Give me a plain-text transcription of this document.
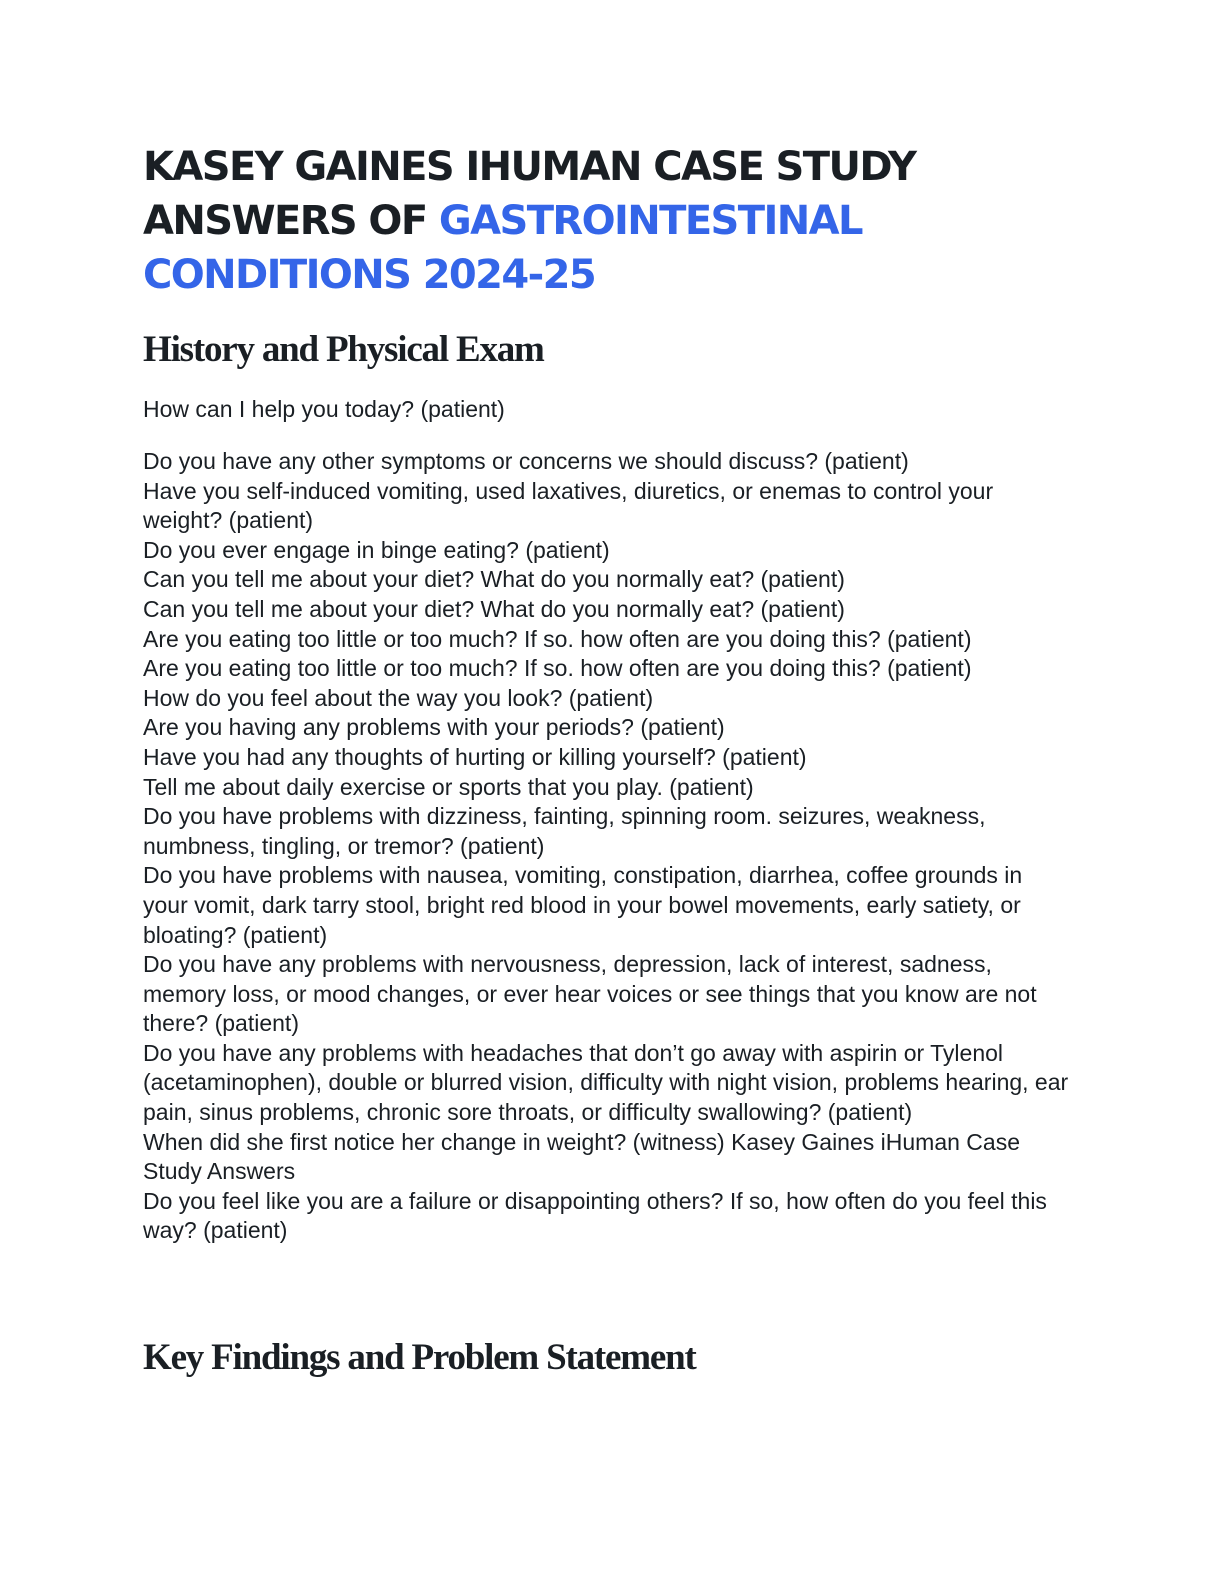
KASEY GAINES IHUMAN CASE STUDY ANSWERS OF GASTROINTESTINAL CONDITIONS 2024-25
History and Physical Exam

How can I help you today? (patient)

Do you have any other symptoms or concerns we should discuss? (patient)
Have you self-induced vomiting, used laxatives, diuretics, or enemas to control your weight? (patient)
Do you ever engage in binge eating? (patient)
Can you tell me about your diet? What do you normally eat? (patient)
Can you tell me about your diet? What do you normally eat? (patient)
Are you eating too little or too much? If so. how often are you doing this? (patient)
Are you eating too little or too much? If so. how often are you doing this? (patient)
How do you feel about the way you look? (patient)
Are you having any problems with your periods? (patient)
Have you had any thoughts of hurting or killing yourself? (patient)
Tell me about daily exercise or sports that you play. (patient)
Do you have problems with dizziness, fainting, spinning room. seizures, weakness, numbness, tingling, or tremor? (patient)
Do you have problems with nausea, vomiting, constipation, diarrhea, coffee grounds in your vomit, dark tarry stool, bright red blood in your bowel movements, early satiety, or bloating? (patient)
Do you have any problems with nervousness, depression, lack of interest, sadness, memory loss, or mood changes, or ever hear voices or see things that you know are not there? (patient)
Do you have any problems with headaches that don’t go away with aspirin or Tylenol (acetaminophen), double or blurred vision, difficulty with night vision, problems hearing, ear pain, sinus problems, chronic sore throats, or difficulty swallowing? (patient)
When did she first notice her change in weight? (witness) Kasey Gaines iHuman Case Study Answers
Do you feel like you are a failure or disappointing others? If so, how often do you feel this way? (patient)
Key Findings and Problem Statement
